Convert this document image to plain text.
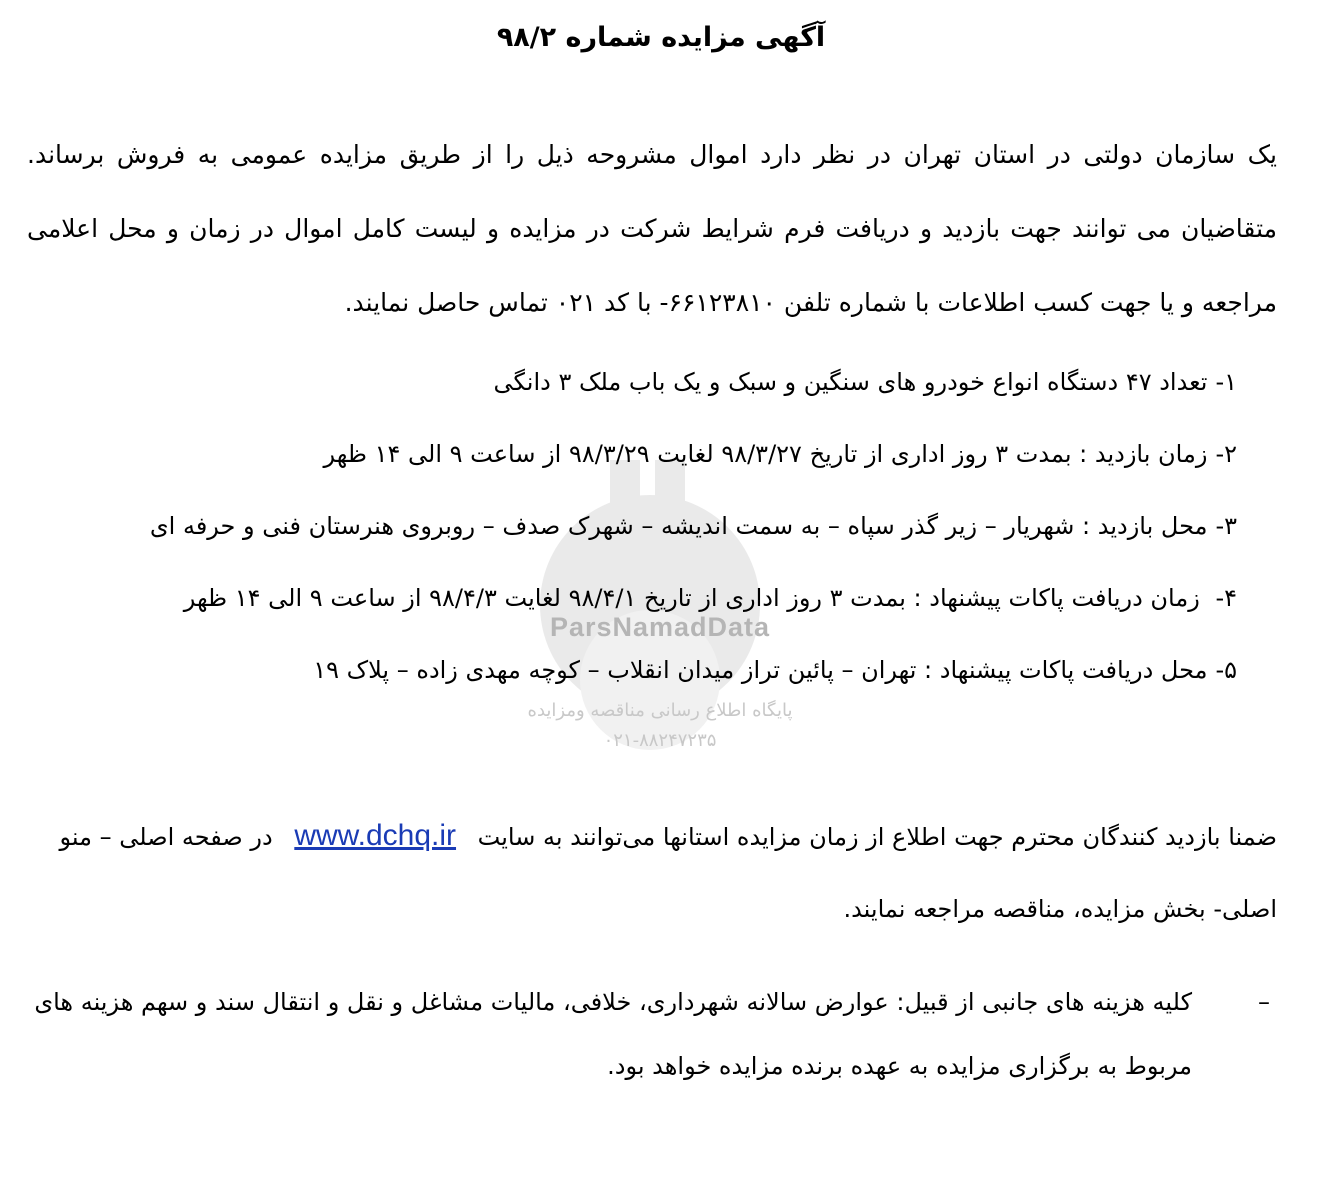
ParsNamadData
پایگاه اطلاع رسانی مناقصه ومزایده
۰۲۱-۸۸۲۴۷۲۳۵
آگهی مزایده شماره ۹۸/۲
یک سازمان دولتی در استان تهران در نظر دارد اموال مشروحه ذیل را از طریق مزایده عمومی به فروش برساند. متقاضیان می توانند جهت بازدید و دریافت فرم شرایط شرکت در مزایده و لیست کامل اموال در زمان و محل اعلامی مراجعه و یا جهت کسب اطلاعات با شماره تلفن ۶۶۱۲۳۸۱۰- با کد ۰۲۱ تماس حاصل نمایند.
۱-تعداد ۴۷ دستگاه انواع خودرو های سنگین و سبک و یک باب ملک ۳ دانگی
۲-زمان بازدید : بمدت ۳ روز اداری از تاریخ ۹۸/۳/۲۷ لغایت ۹۸/۳/۲۹ از ساعت ۹ الی ۱۴ ظهر
۳-محل بازدید : شهریار – زیر گذر سپاه – به سمت اندیشه – شهرک صدف – روبروی هنرستان فنی و حرفه ای
۴- زمان دریافت پاکات پیشنهاد : بمدت ۳ روز اداری از تاریخ ۹۸/۴/۱ لغایت ۹۸/۴/۳ از ساعت ۹ الی ۱۴ ظهر
۵-محل دریافت پاکات پیشنهاد : تهران – پائین تراز میدان انقلاب – کوچه مهدی زاده – پلاک ۱۹
ضمنا بازدید کنندگان محترم جهت اطلاع از زمان مزایده استانها می‌توانند به سایت www.dchq.ir در صفحه اصلی – منو اصلی- بخش مزایده، مناقصه مراجعه نمایند.
–
کلیه هزینه های جانبی از قبیل: عوارض سالانه شهرداری، خلافی، مالیات مشاغل و نقل و انتقال سند و سهم هزینه های مربوط به برگزاری مزایده به عهده برنده مزایده خواهد بود.
